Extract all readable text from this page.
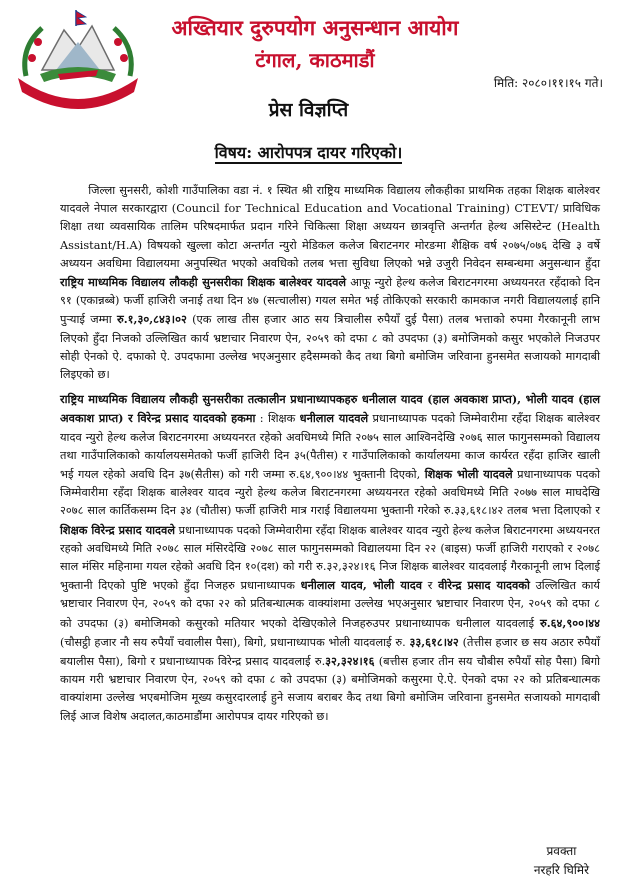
अख्तियार दुरुपयोग अनुसन्धान आयोग
टंगाल, काठमाडौं
मिति: २०८०।११।१५ गते।
प्रेस विज्ञप्ति
विषय: आरोपपत्र दायर गरिएको।

जिल्ला सुनसरी, कोशी गाउँपालिका वडा नं. १ स्थित श्री राष्ट्रिय माध्यमिक विद्यालय लौकहीका प्राथमिक तहका शिक्षक बालेश्वर यादवले नेपाल सरकारद्वारा (Council for Technical Education and Vocational Training) CTEVT/ प्राविधिक शिक्षा तथा व्यवसायिक तालिम परिषदमार्फत प्रदान गरिने चिकित्सा शिक्षा अध्ययन छात्रवृत्ति अन्तर्गत हेल्थ असिस्टेन्ट (Health Assistant/H.A) विषयको खुल्ला कोटा अन्तर्गत न्युरो मेडिकल कलेज बिराटनगर मोरङमा शैक्षिक वर्ष २०७५/०७६ देखि ३ वर्षे अध्ययन अवधिमा विद्यालयमा अनुपस्थित भएको अवधिको तलब भत्ता सुविधा लिएको भन्ने उजुरी निवेदन सम्बन्धमा अनुसन्धान हुँदा राष्ट्रिय माध्यमिक विद्यालय लौकही सुनसरीका शिक्षक बालेश्वर यादवले आफू न्युरो हेल्थ कलेज बिराटनगरमा अध्ययनरत रहँदाको दिन ९१ (एकान्नब्बे) फर्जी हाजिरी जनाई तथा दिन ४७ (सत्चालीस) गयल समेत भई तोकिएको सरकारी कामकाज नगरी विद्यालयलाई हानि पुऱ्याई जम्मा रु.१,३०,८४३।०२ (एक लाख तीस हजार आठ सय त्रिचालीस रुपैयाँ दुई पैसा) तलब भत्ताको रुपमा गैरकानूनी लाभ लिएको हुँदा निजको उल्लिखित कार्य भ्रष्टाचार निवारण ऐन, २०५९ को दफा ८ को उपदफा (३) बमोजिमको कसुर भएकोले निजउपर सोही ऐनको ऐ. दफाको ऐ. उपदफामा उल्लेख भएअनुसार हदैसम्मको कैद तथा बिगो बमोजिम जरिवाना हुनसमेत सजायको मागदाबी लिइएको छ।

राष्ट्रिय माध्यमिक विद्यालय लौकही सुनसरीका तत्कालीन प्रधानाध्यापकहरु धनीलाल यादव (हाल अवकाश प्राप्त), भोली यादव (हाल अवकाश प्राप्त) र विरेन्द्र प्रसाद यादवको हकमा : शिक्षक धनीलाल यादवले प्रधानाध्यापक पदको जिम्मेवारीमा रहँदा शिक्षक बालेश्वर यादव न्युरो हेल्थ कलेज बिराटनगरमा अध्ययनरत रहेको अवधिमध्ये मिति २०७५ साल आश्विनदेखि २०७६ साल फागुनसम्मको विद्यालय तथा गाउँपालिकाको कार्यालयसमेतको फर्जी हाजिरी दिन ३५(पैतीस) र गाउँपालिकाको कार्यालयमा काज कार्यरत रहँदा हाजिर खाली भई गयल रहेको अवधि दिन ३७(सैतीस) को गरी जम्मा रु.६४,९००।४४ भुक्तानी दिएको, शिक्षक भोली यादवले प्रधानाध्यापक पदको जिम्मेवारीमा रहँदा शिक्षक बालेश्वर यादव न्युरो हेल्थ कलेज बिराटनगरमा अध्ययनरत रहेको अवधिमध्ये मिति २०७७ साल माघदेखि २०७८ साल कार्तिकसम्म दिन ३४ (चौतीस) फर्जी हाजिरी मात्र गराई विद्यालयमा भुक्तानी गरेको रु.३३,६१८।४२ तलब भत्ता दिलाएको र शिक्षक विरेन्द्र प्रसाद यादवले प्रधानाध्यापक पदको जिम्मेवारीमा रहँदा शिक्षक बालेश्वर यादव न्युरो हेल्थ कलेज बिराटनगरमा अध्ययनरत रहको अवधिमध्ये मिति २०७८ साल मंसिरदेखि २०७८ साल फागुनसम्मको विद्यालयमा दिन २२ (बाइस) फर्जी हाजिरी गराएको र २०७८ साल मंसिर महिनामा गयल रहेको अवधि दिन १०(दश) को गरी रु.३२,३२४।१६ निज शिक्षक बालेश्वर यादवलाई गैरकानूनी लाभ दिलाई भुक्तानी दिएको पुष्टि भएको हुँदा निजहरु प्रधानाध्यापक धनीलाल यादव, भोली यादव र वीरेन्द्र प्रसाद यादवको उल्लिखित कार्य भ्रष्टाचार निवारण ऐन, २०५९ को दफा २२ को प्रतिबन्धात्मक वाक्यांशमा उल्लेख भएअनुसार भ्रष्टाचार निवारण ऐन, २०५९ को दफा ८ को उपदफा (३) बमोजिमको कसुरको मतियार भएको देखिएकोले निजहरुउपर प्रधानाध्यापक धनीलाल यादवलाई रु.६४,९००।४४ (चौसट्ठी हजार नौ सय रुपैयाँ चवालीस पैसा), बिगो, प्रधानाध्यापक भोली यादवलाई रु. ३३,६१८।४२ (तेत्तीस हजार छ सय अठार रुपैयाँ बयालीस पैसा), बिगो र प्रधानाध्यापक विरेन्द्र प्रसाद यादवलाई रु.३२,३२४।१६ (बत्तीस हजार तीन सय चौबीस रुपैयाँ सोह पैसा) बिगो कायम गरी भ्रष्टाचार निवारण ऐन, २०५९ को दफा ८ को उपदफा (३) बमोजिमको कसुरमा ऐ.ऐ. ऐनको दफा २२ को प्रतिबन्धात्मक वाक्यांशमा उल्लेख भएबमोजिम मूख्य कसुरदारलाई हुने सजाय बराबर कैद तथा बिगो बमोजिम जरिवाना हुनसमेत सजायको मागदाबी लिई आज विशेष अदालत,काठमाडौंमा आरोपपत्र दायर गरिएको छ।

प्रवक्ता
नरहरि घिमिरे
